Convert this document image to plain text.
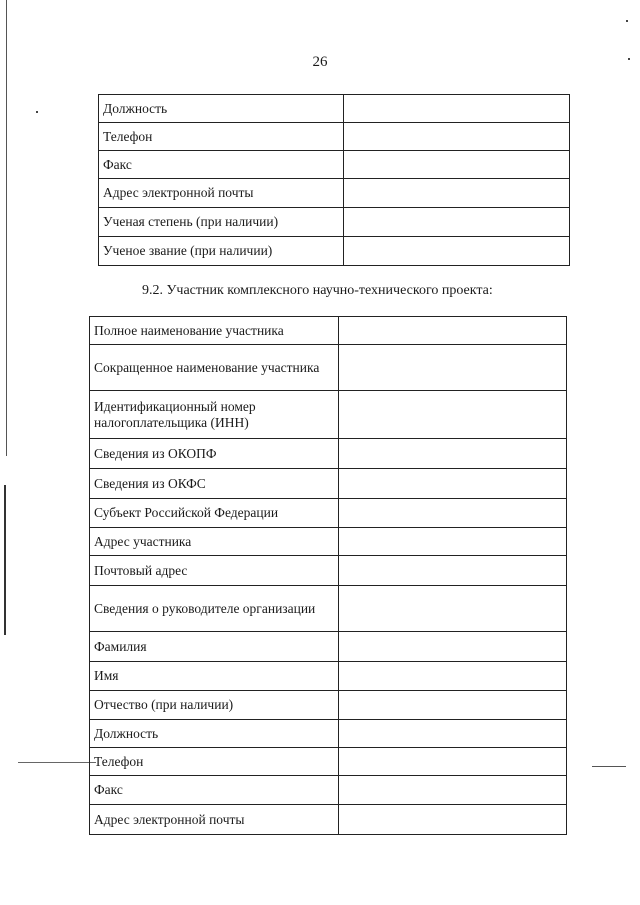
26
Должность	
Телефон	
Факс	
Адрес электронной почты	
Ученая степень (при наличии)	
Ученое звание (при наличии)	
9.2. Участник комплексного научно-технического проекта:
Полное наименование участника	
Сокращенное наименование участника	
Идентификационный номер налогоплательщика (ИНН)	
Сведения из ОКОПФ	
Сведения из ОКФС	
Субъект Российской Федерации	
Адрес участника	
Почтовый адрес	
Сведения о руководителе организации	
Фамилия	
Имя	
Отчество (при наличии)	
Должность	
Телефон	
Факс	
Адрес электронной почты	
